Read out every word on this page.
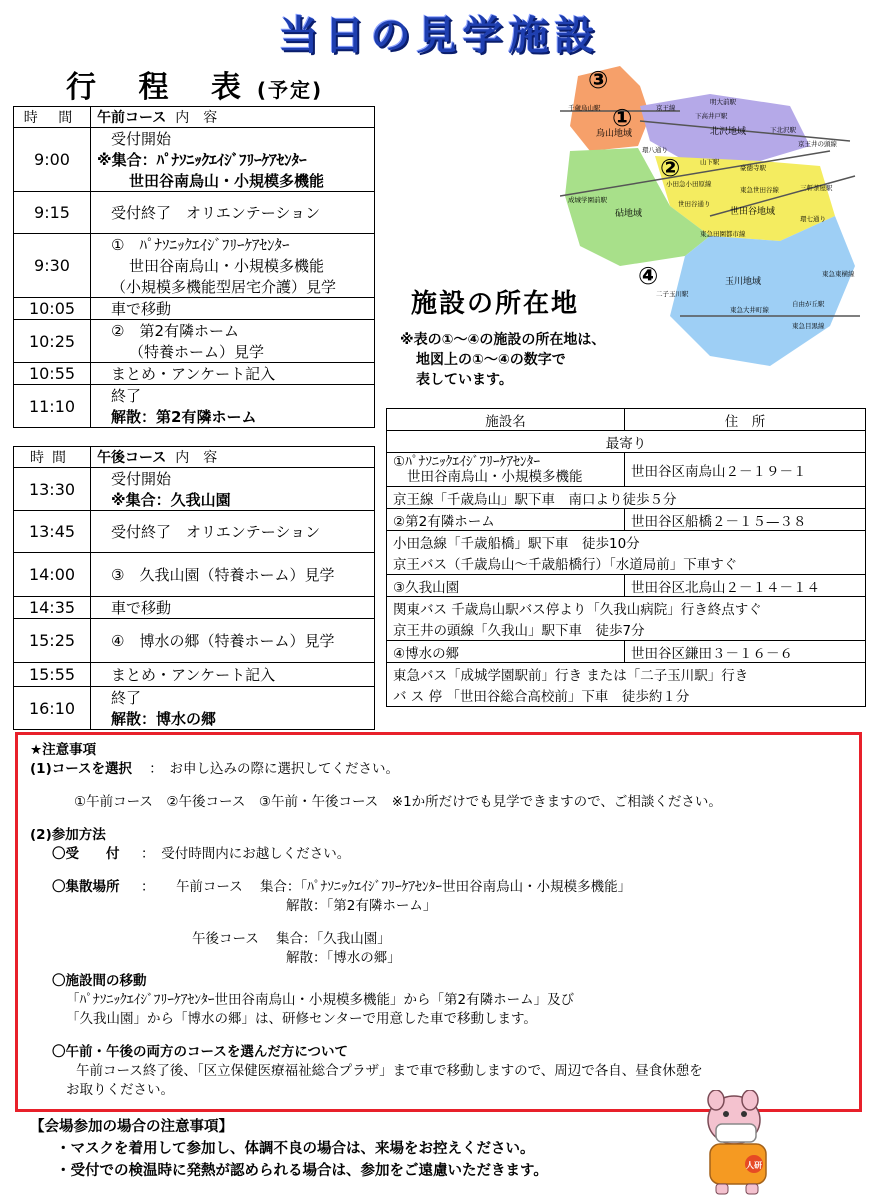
当日の見学施設
行 程 表(予定)
時 間	午前コース 内　容
9:00	受付開始
※集合：ﾊﾟﾅｿﾆｯｸｴｲｼﾞﾌﾘｰｹｱｾﾝﾀｰ
世田谷南烏山・小規模多機能

9:15	受付終了　オリエンテーション

9:30	①　ﾊﾟﾅｿﾆｯｸｴｲｼﾞﾌﾘｰｹｱｾﾝﾀｰ
世田谷南烏山・小規模多機能
（小規模多機能型居宅介護）見学

10:05	車で移動

10:25	②　第2有隣ホーム
（特養ホーム）見学

10:55	まとめ・アンケート記入

11:10	終了
解散：第2有隣ホーム
時間	午後コース 内　容
13:30	受付開始
※集合：久我山園

13:45	受付終了　オリエンテーション

14:00	③　久我山園（特養ホーム）見学

14:35	車で移動

15:25	④　博水の郷（特養ホーム）見学

15:55	まとめ・アンケート記入

16:10	終了
解散：博水の郷
③
①
②
④
烏山地域	北沢地域
世田谷地域
砧地域
玉川地域
京王線
明大前駅
下高井戸駅
下北沢駅
京王井の頭線
千歳烏山駅
山下駅
豪徳寺駅
小田急小田原線
東急世田谷線
成城学園前駅	世田谷通り
三軒茶屋駅
東急田園都市線
二子玉川駅
東急大井町線
自由が丘駅
東急目黒線
東急東横線
環八通り
環七通り
施設の所在地
※表の①～④の施設の所在地は、
地図上の①～④の数字で
表しています。
施設名	住　所
最寄り	

①ﾊﾟﾅｿﾆｯｸｴｲｼﾞﾌﾘｰｹｱｾﾝﾀｰ
世田谷南烏山・小規模多機能	世田谷区南烏山２－１９－１
京王線「千歳烏山」駅下車　南口より徒歩５分	
②第2有隣ホーム	世田谷区船橋２－１５—３８
小田急線「千歳船橋」駅下車　徒歩10分	
京王バス（千歳烏山～千歳船橋行）「水道局前」下車すぐ	
③久我山園	世田谷区北烏山２－１４－１４
関東バス 千歳烏山駅バス停より「久我山病院」行き終点すぐ	
京王井の頭線「久我山」駅下車　徒歩7分	
④博水の郷	世田谷区鎌田３－１６－６
東急バス「成城学園駅前」行き または「二子玉川駅」行き	
バ ス 停 「世田谷総合高校前」下車　徒歩約１分	
★注意事項
(1)コースを選択 ：　お申し込みの際に選択してください。
①午前コース　②午後コース　③午前・午後コース　※1か所だけでも見学できますので、ご相談ください。
(2)参加方法
〇受　　付 ：　受付時間内にお越しください。
〇集散場所 ： 午前コース 集合：「ﾊﾟﾅｿﾆｯｸｴｲｼﾞﾌﾘｰｹｱｾﾝﾀｰ世田谷南烏山・小規模多機能」
解散：「第2有隣ホーム」
午後コース 集合：「久我山園」
解散：「博水の郷」
〇施設間の移動
「ﾊﾟﾅｿﾆｯｸｴｲｼﾞﾌﾘｰｹｱｾﾝﾀｰ世田谷南烏山・小規模多機能」から「第2有隣ホーム」及び
「久我山園」から「博水の郷」は、研修センターで用意した車で移動します。
〇午前・午後の両方のコースを選んだ方について
午前コース終了後、「区立保健医療福祉総合プラザ」まで車で移動しますので、周辺で各自、昼食休憩を
お取りください。
【会場参加の場合の注意事項】
・マスクを着用して参加し、体調不良の場合は、来場をお控えください。
・受付での検温時に発熱が認められる場合は、参加をご遠慮いただきます。	人研
